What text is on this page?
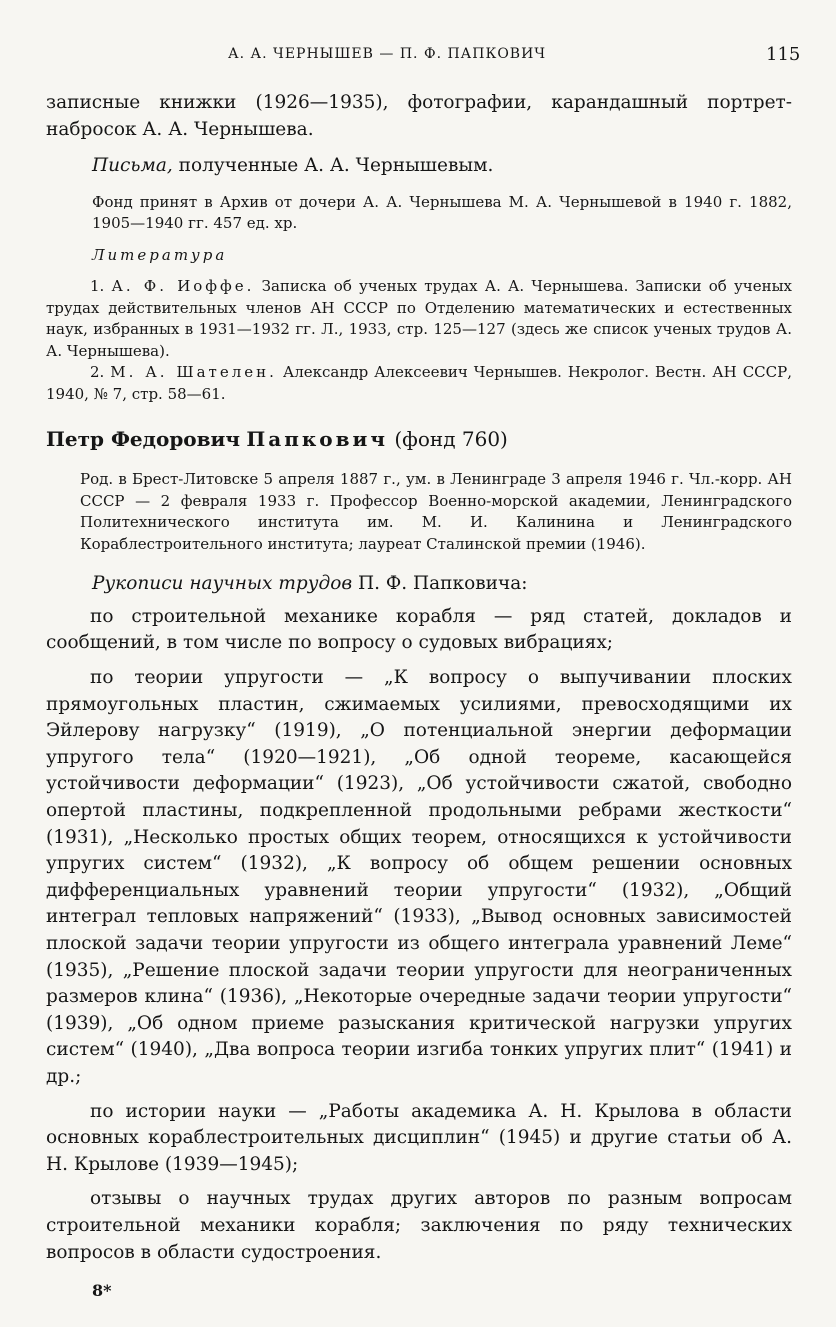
А. А. ЧЕРНЫШЕВ — П. Ф. ПАПКОВИЧ	115

записные книжки (1926—1935), фотографии, карандашный портрет-набросок А. А. Чернышева.

Письма, полученные А. А. Чернышевым.

Фонд принят в Архив от дочери А. А. Чернышева М. А. Чернышевой в 1940 г. 1882, 1905—1940 гг. 457 ед. хр.

Литература

1. А. Ф. Иоффе. Записка об ученых трудах А. А. Чернышева. Записки об ученых трудах действительных членов АН СССР по Отделению математических и естественных наук, избранных в 1931—1932 гг. Л., 1933, стр. 125—127 (здесь же список ученых трудов А. А. Чернышева).

2. М. А. Шателен. Александр Алексеевич Чернышев. Некролог. Вестн. АН СССР, 1940, № 7, стр. 58—61.

Петр Федорович Папкович (фонд 760)

Род. в Брест-Литовске 5 апреля 1887 г., ум. в Ленинграде 3 апреля 1946 г. Чл.-корр. АН СССР — 2 февраля 1933 г. Профессор Военно-морской академии, Ленинградского Политехнического института им. М. И. Калинина и Ленинградского Кораблестроительного института; лауреат Сталинской премии (1946).

Рукописи научных трудов П. Ф. Папковича:

по строительной механике корабля — ряд статей, докладов и сообщений, в том числе по вопросу о судовых вибрациях;

по теории упругости — „К вопросу о выпучивании плоских прямоугольных пластин, сжимаемых усилиями, превосходящими их Эйлерову нагрузку“ (1919), „О потенциальной энергии деформации упругого тела“ (1920—1921), „Об одной теореме, касающейся устойчивости деформации“ (1923), „Об устойчивости сжатой, свободно опертой пластины, подкрепленной продольными ребрами жесткости“ (1931), „Несколько простых общих теорем, относящихся к устойчивости упругих систем“ (1932), „К вопросу об общем решении основных дифференциальных уравнений теории упругости“ (1932), „Общий интеграл тепловых напряжений“ (1933), „Вывод основных зависимостей плоской задачи теории упругости из общего интеграла уравнений Леме“ (1935), „Решение плоской задачи теории упругости для неограниченных размеров клина“ (1936), „Некоторые очередные задачи теории упругости“ (1939), „Об одном приеме разыскания критической нагрузки упругих систем“ (1940), „Два вопроса теории изгиба тонких упругих плит“ (1941) и др.;

по истории науки — „Работы академика А. Н. Крылова в области основных кораблестроительных дисциплин“ (1945) и другие статьи об А. Н. Крылове (1939—1945);

отзывы о научных трудах других авторов по разным вопросам строительной механики корабля; заключения по ряду технических вопросов в области судостроения.

8*
